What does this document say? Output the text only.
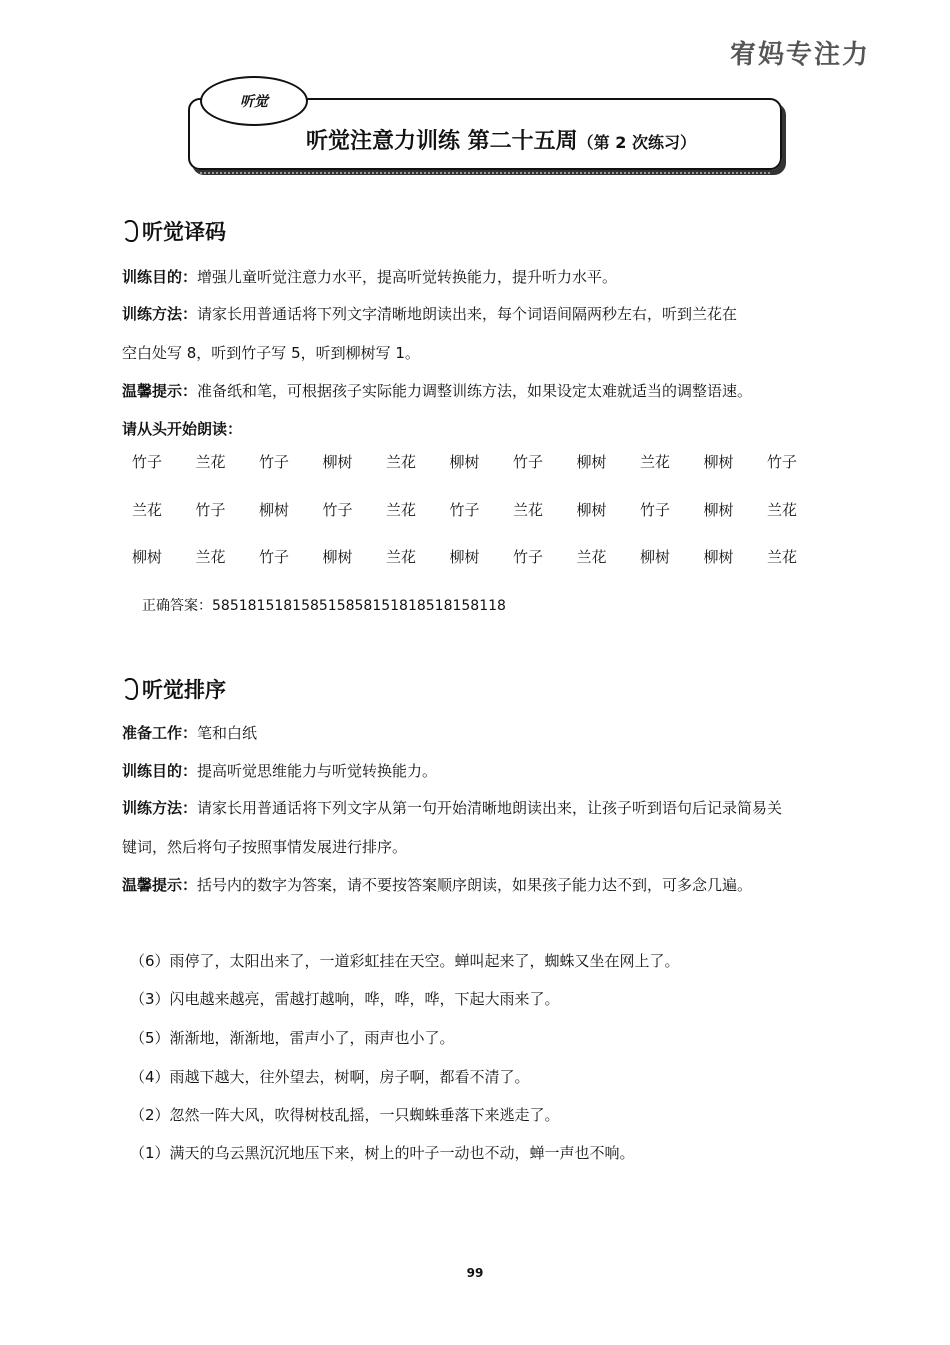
宥妈专注力
听觉
听觉注意力训练 第二十五周（第 2 次练习）
听觉译码
训练目的：增强儿童听觉注意力水平，提高听觉转换能力，提升听力水平。
训练方法：请家长用普通话将下列文字清晰地朗读出来，每个词语间隔两秒左右，听到兰花在
空白处写 8，听到竹子写 5，听到柳树写 1。
温馨提示：准备纸和笔，可根据孩子实际能力调整训练方法，如果设定太难就适当的调整语速。
请从头开始朗读：
竹子 兰花 竹子 柳树 兰花 柳树 竹子 柳树 兰花 柳树 竹子
兰花 竹子 柳树 竹子 兰花 竹子 兰花 柳树 竹子 柳树 兰花
柳树 兰花 竹子 柳树 兰花 柳树 竹子 兰花 柳树 柳树 兰花
正确答案：58518151815851585815181851815811​8
听觉排序
准备工作：笔和白纸
训练目的：提高听觉思维能力与听觉转换能力。
训练方法：请家长用普通话将下列文字从第一句开始清晰地朗读出来，让孩子听到语句后记录简易关
键词，然后将句子按照事情发展进行排序。
温馨提示：括号内的数字为答案，请不要按答案顺序朗读，如果孩子能力达不到，可多念几遍。
（6）雨停了，太阳出来了，一道彩虹挂在天空。蝉叫起来了，蜘蛛又坐在网上了。
（3）闪电越来越亮，雷越打越响，哗，哗，哗，下起大雨来了。
（5）渐渐地，渐渐地，雷声小了，雨声也小了。
（4）雨越下越大，往外望去，树啊，房子啊，都看不清了。
（2）忽然一阵大风，吹得树枝乱摇，一只蜘蛛垂落下来逃走了。
（1）满天的乌云黑沉沉地压下来，树上的叶子一动也不动，蝉一声也不响。
99
